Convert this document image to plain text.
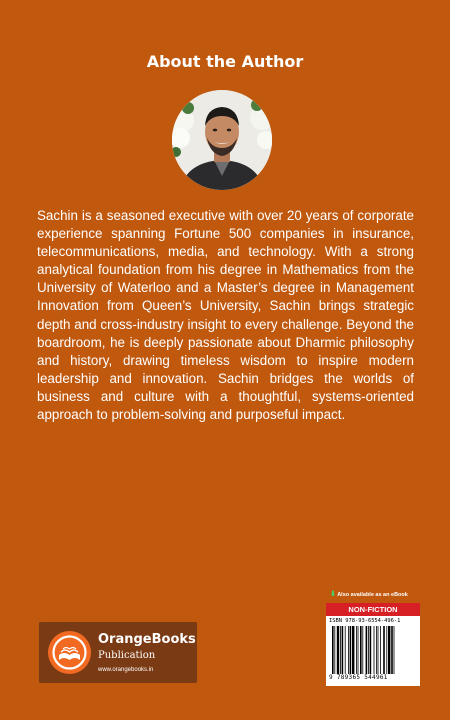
About the Author

Sachin is a seasoned executive with over 20 years of corporate experience spanning Fortune 500 companies in insurance, telecommunications, media, and technology. With a strong analytical foundation from his degree in Mathematics from the University of Waterloo and a Master’s degree in Management Innovation from Queen’s University, Sachin brings strategic depth and cross-industry insight to every challenge. Beyond the boardroom, he is deeply passionate about Dharmic philosophy and history, drawing timeless wisdom to inspire modern leadership and innovation. Sachin bridges the worlds of business and culture with a thoughtful, systems-oriented approach to problem-solving and purposeful impact.

OrangeBooks
Publication
www.orangebooks.in
⬇ Also available as an eBook
NON-FICTION
ISBN 978-93-6554-496-1
9 789365 544961
